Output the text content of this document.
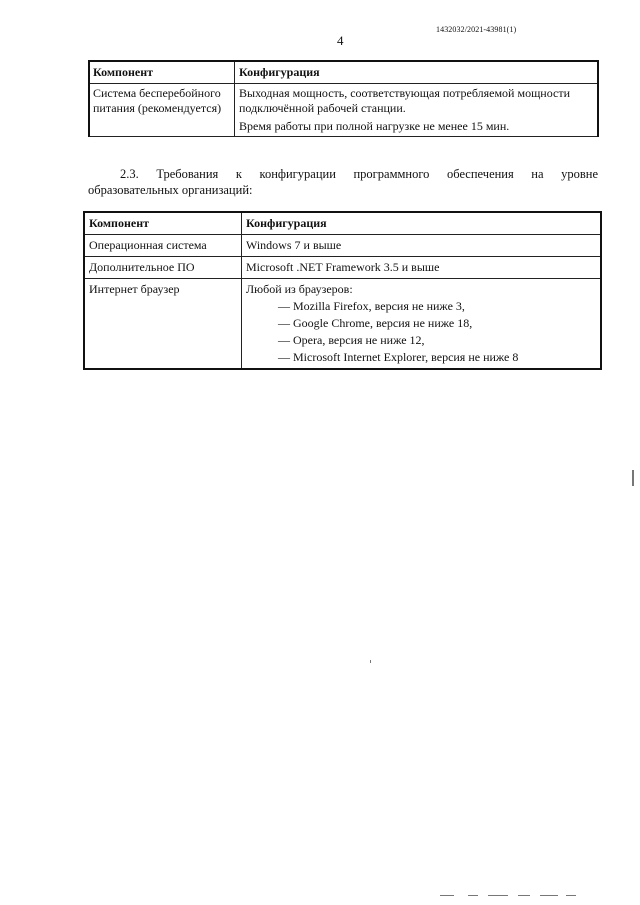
1432032/2021-43981(1)
4
Компонент	Конфигурация
Система бесперебойного питания (рекомендуется)	Выходная мощность, соответствующая потребляемой мощности подключённой рабочей станции.
Время работы при полной нагрузке не менее 15 мин.
2.3. Требования к конфигурации программного обеспечения на уровне
образовательных организаций:
Компонент	Конфигурация
Операционная система	Windows 7 и выше
Дополнительное ПО	Microsoft .NET Framework 3.5 и выше
Интернет браузер	Любой из браузеров:
— Mozilla Firefox, версия не ниже 3,
— Google Chrome, версия не ниже 18,
— Opera, версия не ниже 12,
— Microsoft Internet Explorer, версия не ниже 8
